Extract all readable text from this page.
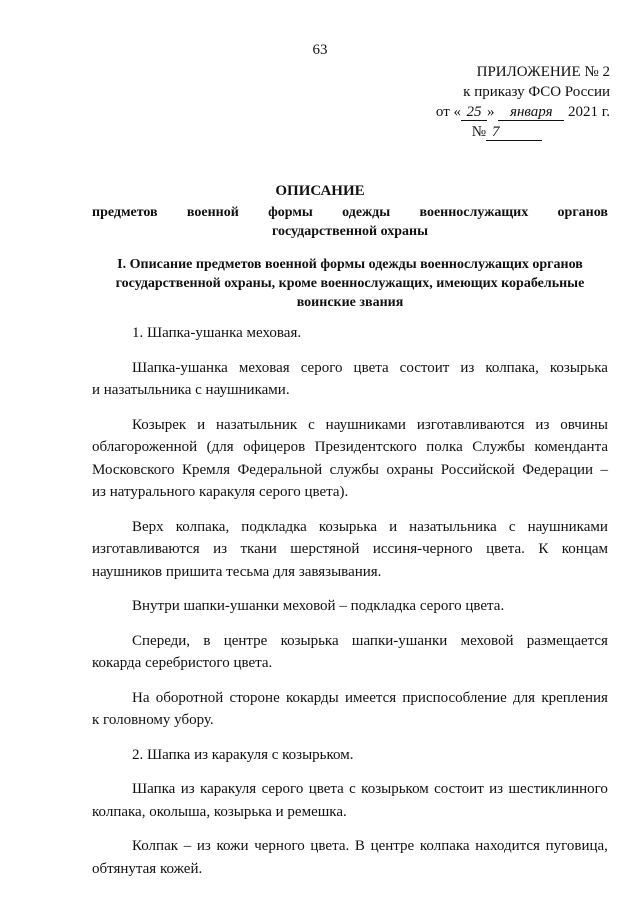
63
ПРИЛОЖЕНИЕ № 2
к приказу ФСО России
от « 25 » января 2021 г.
№ 7
ОПИСАНИЕ
предметов военной формы одежды военнослужащих органов
государственной охраны
I. Описание предметов военной формы одежды военнослужащих органов
государственной охраны, кроме военнослужащих, имеющих корабельные
воинские звания
1. Шапка-ушанка меховая.
Шапка-ушанка меховая серого цвета состоит из колпака, козырька
и назатыльника с наушниками.
Козырек и назатыльник с наушниками изготавливаются из овчины
облагороженной (для офицеров Президентского полка Службы коменданта
Московского Кремля Федеральной службы охраны Российской Федерации –
из натурального каракуля серого цвета).
Верх колпака, подкладка козырька и назатыльника с наушниками
изготавливаются из ткани шерстяной иссиня-черного цвета. К концам
наушников пришита тесьма для завязывания.
Внутри шапки-ушанки меховой – подкладка серого цвета.
Спереди, в центре козырька шапки-ушанки меховой размещается
кокарда серебристого цвета.
На оборотной стороне кокарды имеется приспособление для крепления
к головному убору.
2. Шапка из каракуля с козырьком.
Шапка из каракуля серого цвета с козырьком состоит из шестиклинного
колпака, околыша, козырька и ремешка.
Колпак – из кожи черного цвета. В центре колпака находится пуговица,
обтянутая кожей.
